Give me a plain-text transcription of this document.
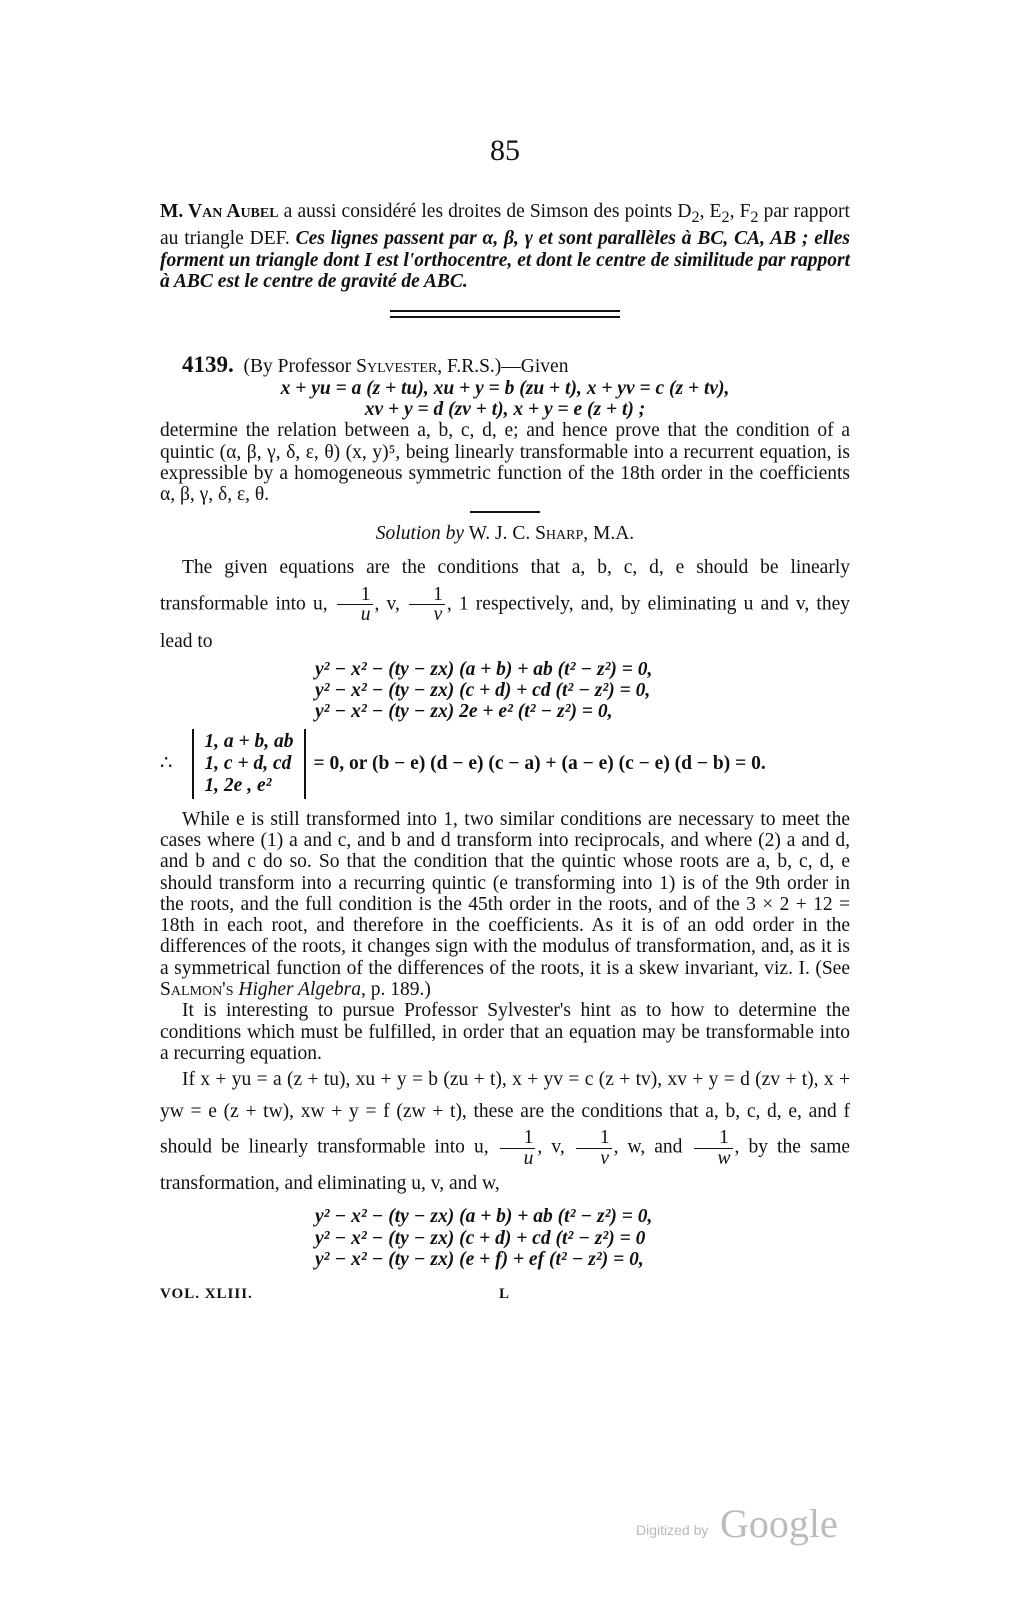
85

M. Van Aubel a aussi considéré les droites de Simson des points $D_2$, $E_2$, $F_2$ par rapport au triangle DEF. Ces lignes passent par α, β, γ et sont parallèles à BC, CA, AB ; elles forment un triangle dont I est l'orthocentre, et dont le centre de similitude par rapport à ABC est le centre de gravité de ABC.

4139. (By Professor Sylvester, F.R.S.)—Given

x + yu = a (z + tu), xu + y = b (zu + t), x + yv = c (z + tv),
xv + y = d (zv + t), x + y = e (z + t) ;

determine the relation between a, b, c, d, e; and hence prove that the condition of a quintic (α, β, γ, δ, ε, θ) (x, y)⁵, being linearly transformable into a recurrent equation, is expressible by a homogeneous symmetric function of the 18th order in the coefficients α, β, γ, δ, ε, θ.

Solution by W. J. C. Sharp, M.A.

The given equations are the conditions that a, b, c, d, e should be linearly transformable into u, $\frac{1}{u}$ , v, $\frac{1}{v}$ , 1 respectively, and, by eliminating u and v, they lead to

y² − x² − (ty − zx) (a + b) + ab (t² − z²) = 0,
y² − x² − (ty − zx) (c + d) + cd (t² − z²) = 0,
y² − x² − (ty − zx) 2e + e² (t² − z²) = 0,
∴
1, a + b, ab
1, c + d, cd
1, 2e , e²
= 0, or (b − e) (d − e) (c − a) + (a − e) (c − e) (d − b) = 0.

While e is still transformed into 1, two similar conditions are necessary to meet the cases where (1) a and c, and b and d transform into reciprocals, and where (2) a and d, and b and c do so. So that the condition that the quintic whose roots are a, b, c, d, e should transform into a recurring quintic (e transforming into 1) is of the 9th order in the roots, and the full condition is the 45th order in the roots, and of the 3 × 2 + 12 = 18th in each root, and therefore in the coefficients. As it is of an odd order in the differences of the roots, it changes sign with the modulus of transformation, and, as it is a symmetrical function of the differences of the roots, it is a skew invariant, viz. I. (See Salmon's Higher Algebra, p. 189.)

It is interesting to pursue Professor Sylvester's hint as to how to determine the conditions which must be fulfilled, in order that an equation may be transformable into a recurring equation.

If x + yu = a (z + tu), xu + y = b (zu + t), x + yv = c (z + tv), xv + y = d (zv + t), x + yw = e (z + tw), xw + y = f (zw + t), these are the conditions that a, b, c, d, e, and f should be linearly transformable into u, $\frac{1}{u}$ , v, $\frac{1}{v}$ , w, and $\frac{1}{w}$ , by the same transformation, and eliminating u, v, and w,

y² − x² − (ty − zx) (a + b) + ab (t² − z²) = 0,
y² − x² − (ty − zx) (c + d) + cd (t² − z²) = 0
y² − x² − (ty − zx) (e + f) + ef (t² − z²) = 0,
VOL. XLIII.	L
Digitized by Google
